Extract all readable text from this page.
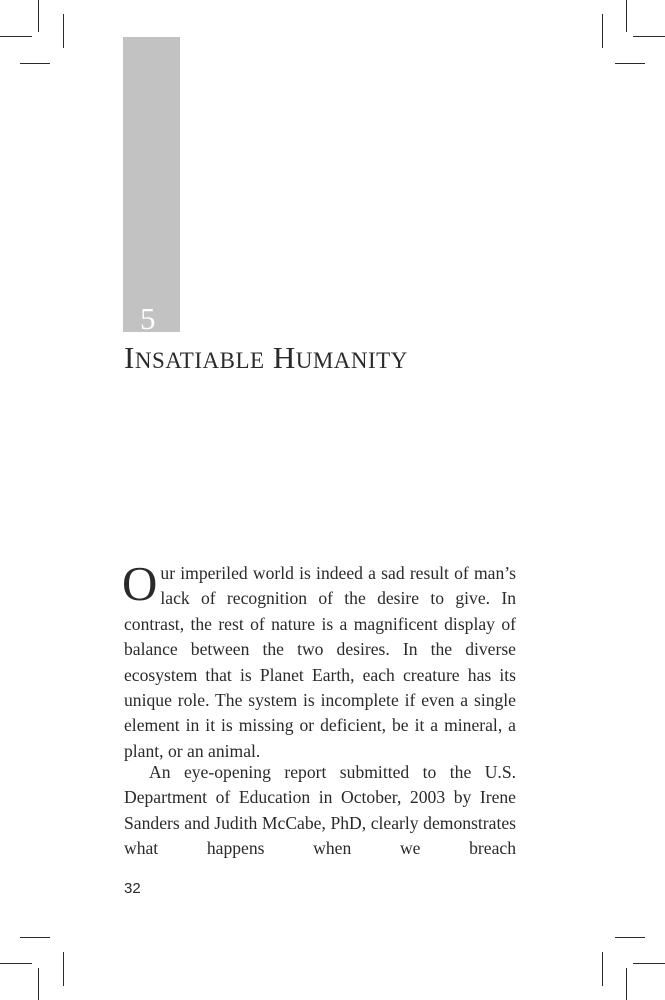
5
INSATIABLE HUMANITY
Our imperiled world is indeed a sad result of man’s lack of recognition of the desire to give. In contrast, the rest of nature is a magnificent display of balance between the two desires. In the diverse ecosystem that is Planet Earth, each creature has its unique role. The system is incomplete if even a single element in it is missing or deficient, be it a mineral, a plant, or an animal.
An eye-opening report submitted to the U.S. Department of Education in October, 2003 by Irene Sanders and Judith McCabe, PhD, clearly demonstrates what happens when we breach
32
